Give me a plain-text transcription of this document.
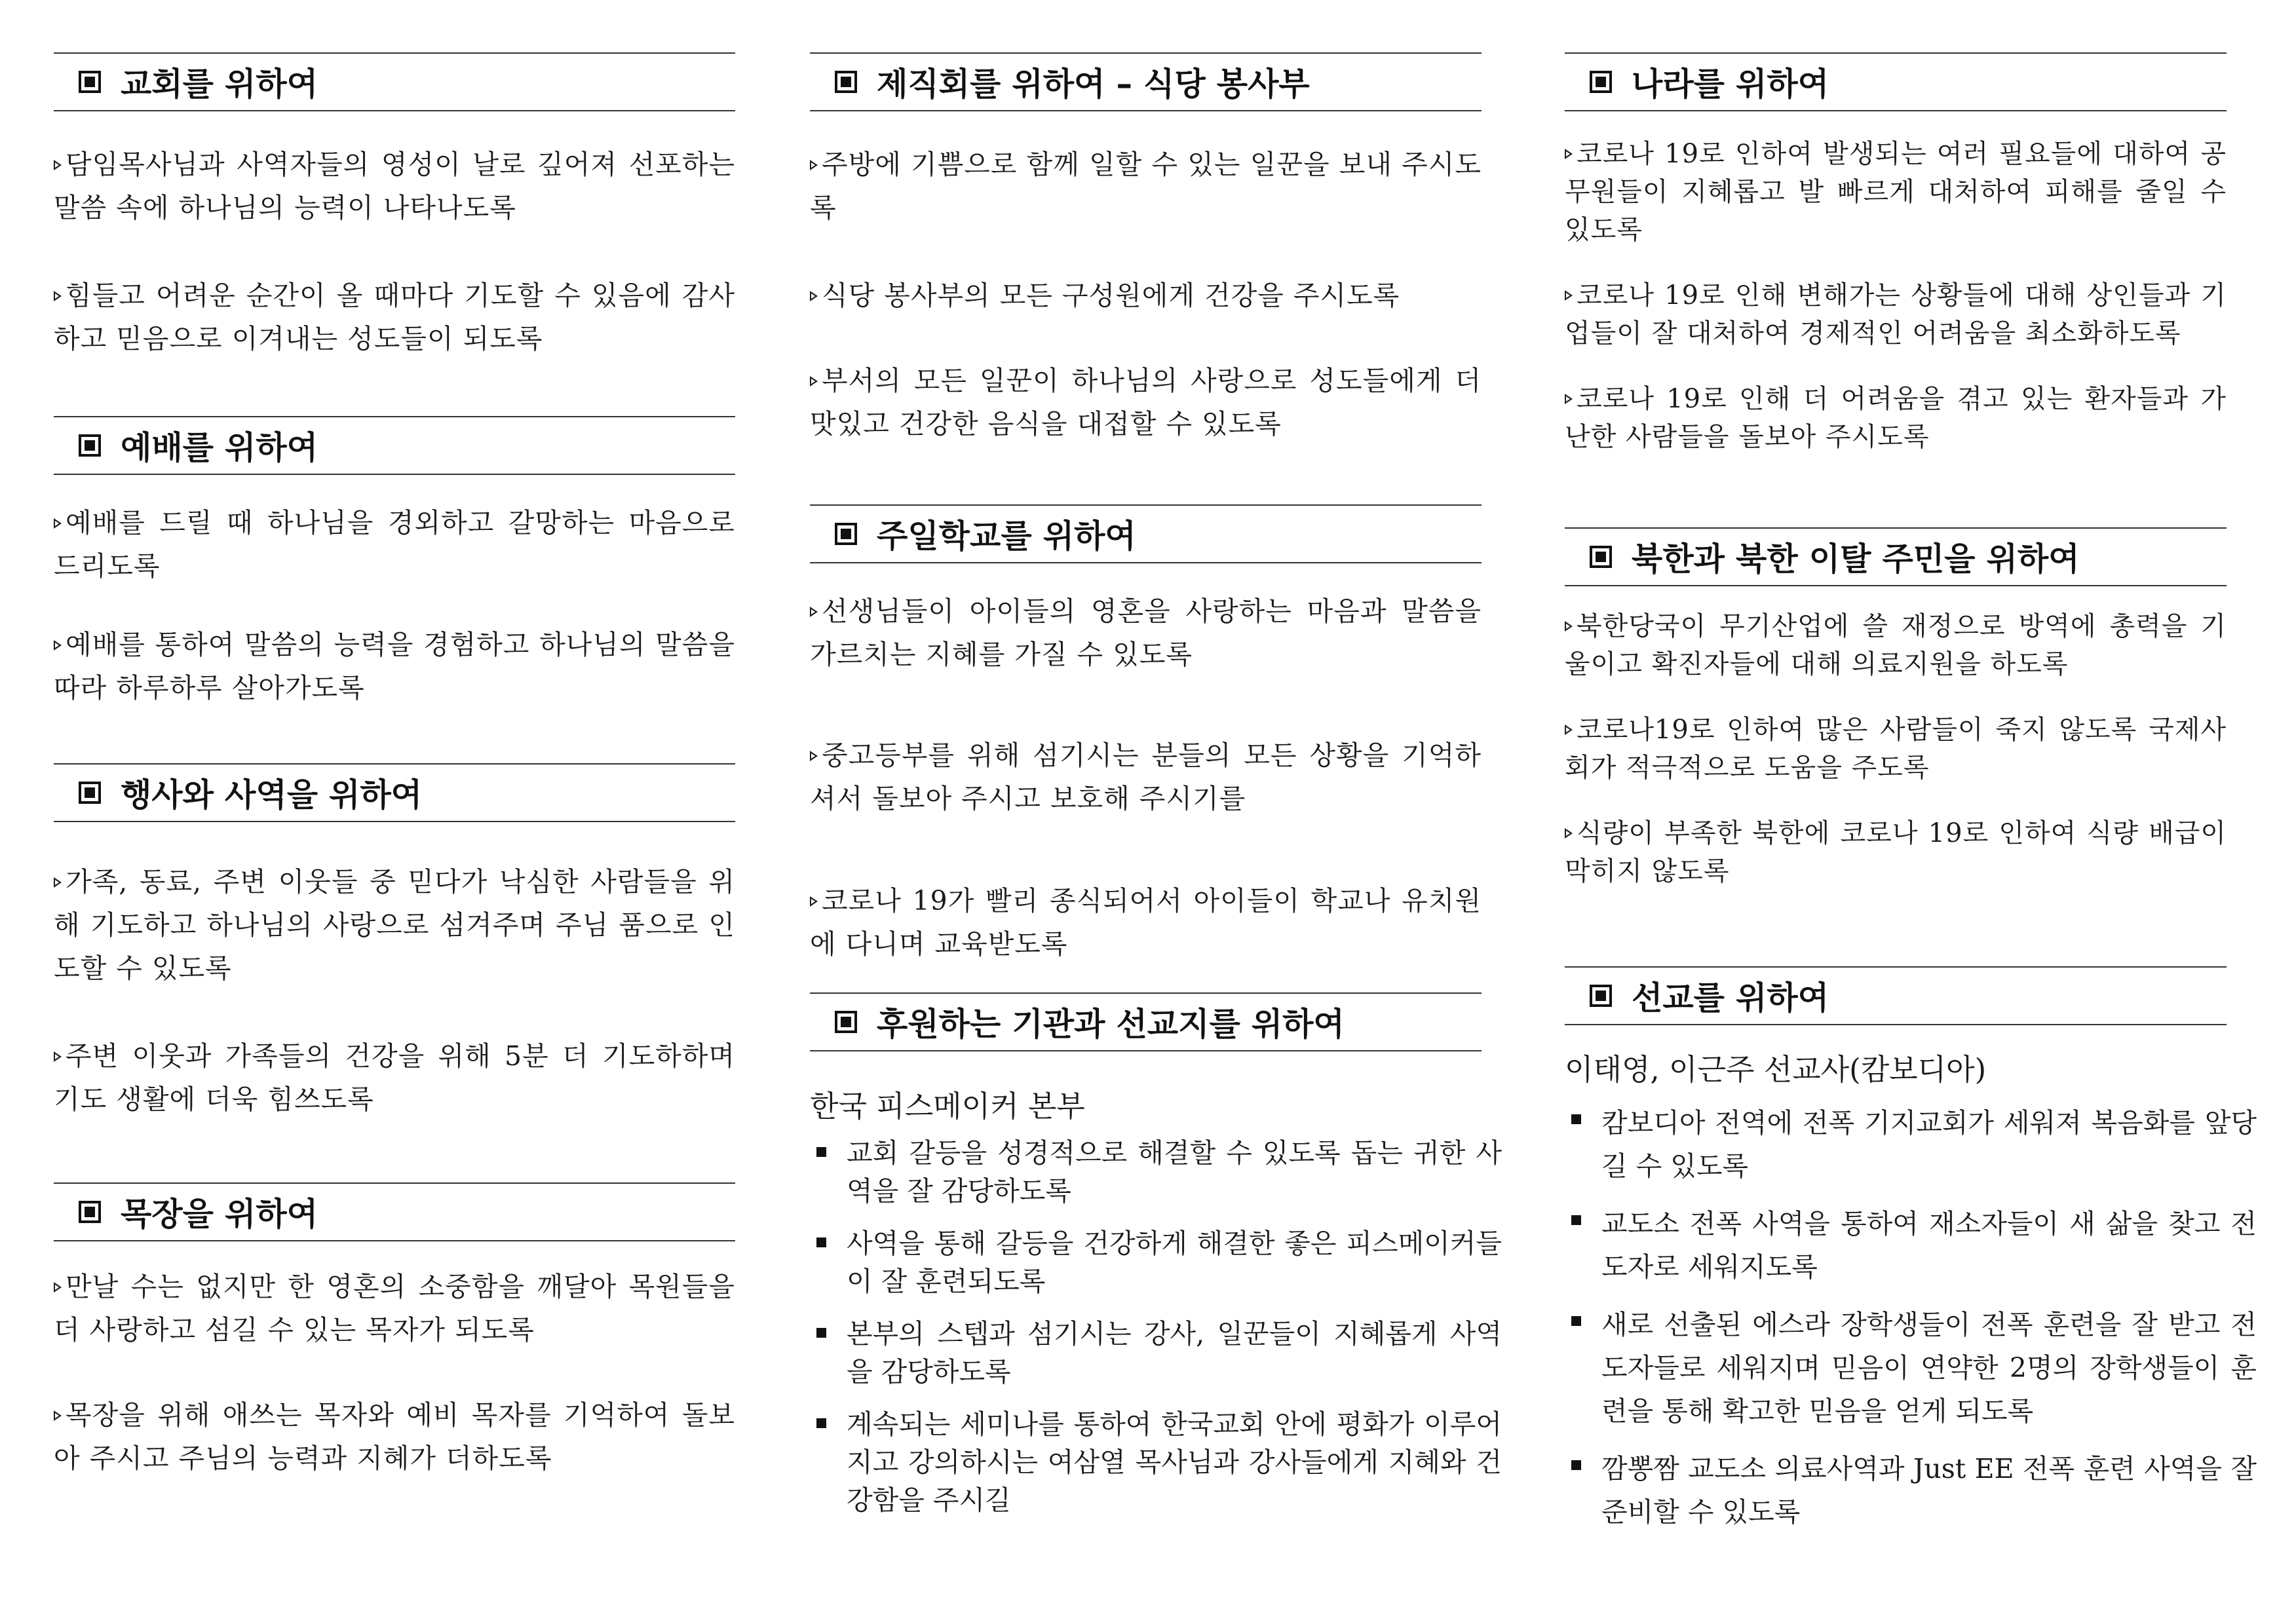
교회를 위하여
담임목사님과 사역자들의 영성이 날로 깊어져 선포하는 말씀 속에 하나님의 능력이 나타나도록
힘들고 어려운 순간이 올 때마다 기도할 수 있음에 감사하고 믿음으로 이겨내는 성도들이 되도록
예배를 위하여
예배를 드릴 때 하나님을 경외하고 갈망하는 마음으로 드리도록
예배를 통하여 말씀의 능력을 경험하고 하나님의 말씀을 따라 하루하루 살아가도록
행사와 사역을 위하여
가족, 동료, 주변 이웃들 중 믿다가 낙심한 사람들을 위해 기도하고 하나님의 사랑으로 섬겨주며 주님 품으로 인도할 수 있도록
주변 이웃과 가족들의 건강을 위해 5분 더 기도하하며 기도 생활에 더욱 힘쓰도록
목장을 위하여
만날 수는 없지만 한 영혼의 소중함을 깨달아 목원들을 더 사랑하고 섬길 수 있는 목자가 되도록
목장을 위해 애쓰는 목자와 예비 목자를 기억하여 돌보아 주시고 주님의 능력과 지혜가 더하도록
제직회를 위하여 – 식당 봉사부
주방에 기쁨으로 함께 일할 수 있는 일꾼을 보내 주시도록
식당 봉사부의 모든 구성원에게 건강을 주시도록
부서의 모든 일꾼이 하나님의 사랑으로 성도들에게 더 맛있고 건강한 음식을 대접할 수 있도록
주일학교를 위하여
선생님들이 아이들의 영혼을 사랑하는 마음과 말씀을 가르치는 지혜를 가질 수 있도록
중고등부를 위해 섬기시는 분들의 모든 상황을 기억하셔서 돌보아 주시고 보호해 주시기를
코로나 19가 빨리 종식되어서 아이들이 학교나 유치원에 다니며 교육받도록
후원하는 기관과 선교지를 위하여
한국 피스메이커 본부
교회 갈등을 성경적으로 해결할 수 있도록 돕는 귀한 사역을 잘 감당하도록
사역을 통해 갈등을 건강하게 해결한 좋은 피스메이커들이 잘 훈련되도록
본부의 스텝과 섬기시는 강사, 일꾼들이 지혜롭게 사역을 감당하도록
계속되는 세미나를 통하여 한국교회 안에 평화가 이루어지고 강의하시는 여삼열 목사님과 강사들에게 지혜와 건강함을 주시길
나라를 위하여
코로나 19로 인하여 발생되는 여러 필요들에 대하여 공무원들이 지혜롭고 발 빠르게 대처하여 피해를 줄일 수 있도록
코로나 19로 인해 변해가는 상황들에 대해 상인들과 기업들이 잘 대처하여 경제적인 어려움을 최소화하도록
코로나 19로 인해 더 어려움을 겪고 있는 환자들과 가난한 사람들을 돌보아 주시도록
북한과 북한 이탈 주민을 위하여
북한당국이 무기산업에 쓸 재정으로 방역에 총력을 기울이고 확진자들에 대해 의료지원을 하도록
코로나19로 인하여 많은 사람들이 죽지 않도록 국제사회가 적극적으로 도움을 주도록
식량이 부족한 북한에 코로나 19로 인하여 식량 배급이 막히지 않도록
선교를 위하여
이태영, 이근주 선교사(캄보디아)
캄보디아 전역에 전폭 기지교회가 세워져 복음화를 앞당길 수 있도록
교도소 전폭 사역을 통하여 재소자들이 새 삶을 찾고 전도자로 세워지도록
새로 선출된 에스라 장학생들이 전폭 훈련을 잘 받고 전도자들로 세워지며 믿음이 연약한 2명의 장학생들이 훈련을 통해 확고한 믿음을 얻게 되도록
깜뽕짬 교도소 의료사역과 Just EE 전폭 훈련 사역을 잘 준비할 수 있도록
